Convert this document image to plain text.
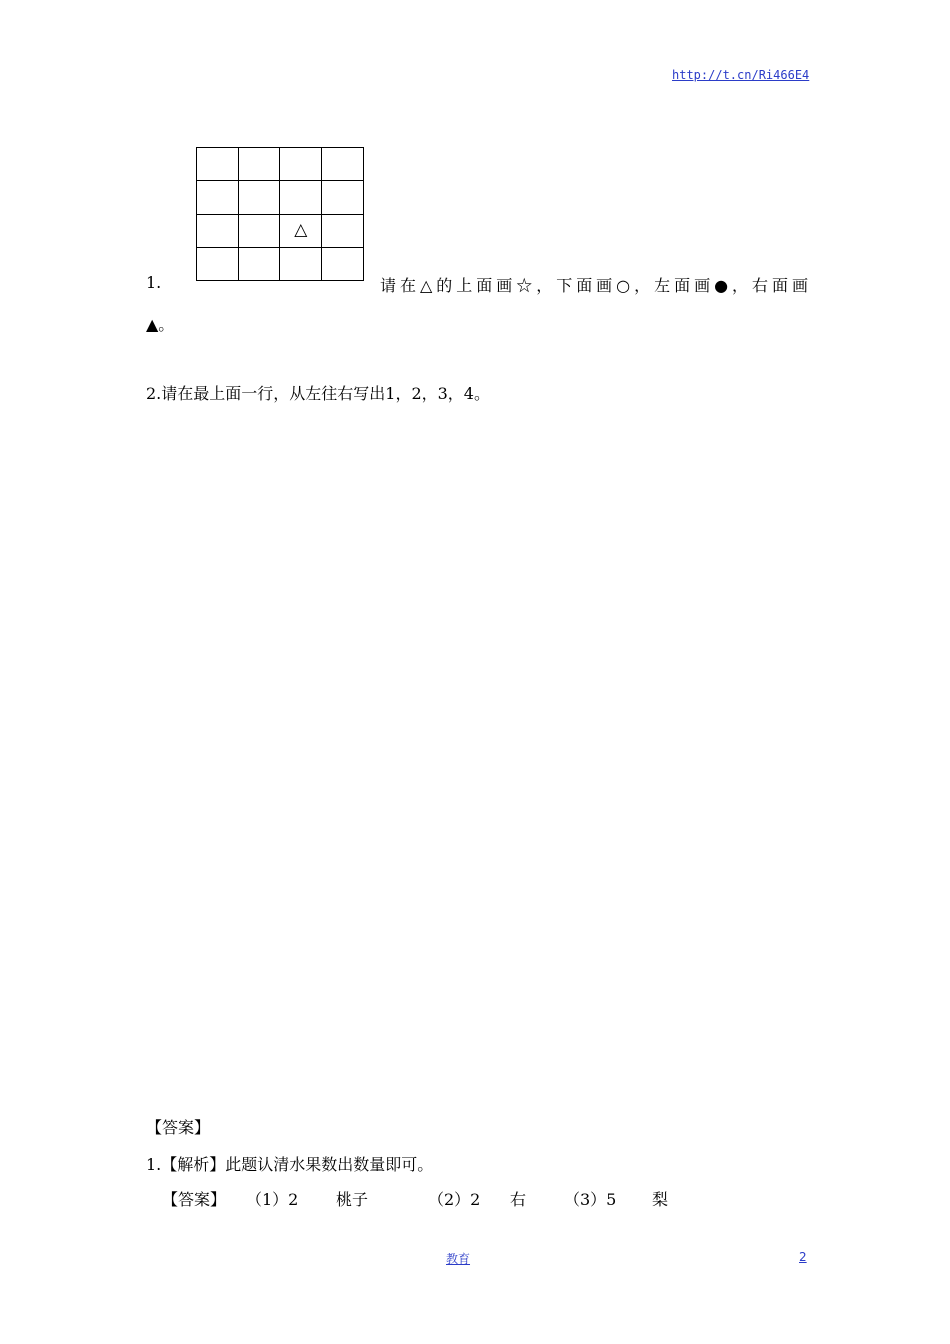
http://t.cn/Ri466E4

		△	

1.	请在△的上面画☆，下面画○，左面画●，右面画
▲。
2.请在最上面一行，从左往右写出1，2，3，4。
【答案】
1.【解析】此题认清水果数出数量即可。
【答案】 （1）2 桃子	（2）2 右 （3）5 梨
教育	2
